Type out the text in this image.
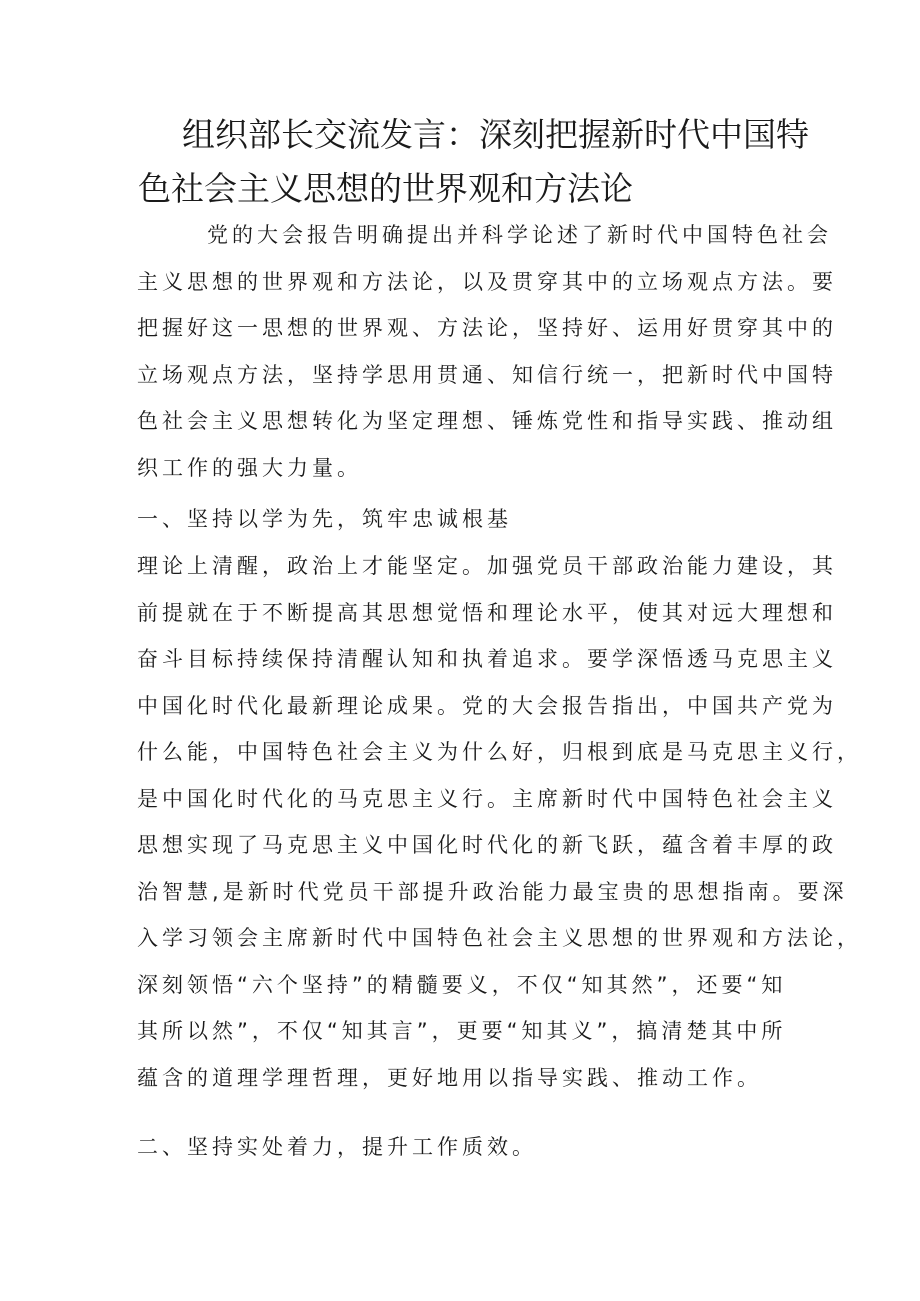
组织部长交流发言：深刻把握新时代中国特
色社会主义思想的世界观和方法论
党的大会报告明确提出并科学论述了新时代中国特色社会
主义思想的世界观和方法论，以及贯穿其中的立场观点方法。要
把握好这一思想的世界观、方法论，坚持好、运用好贯穿其中的
立场观点方法，坚持学思用贯通、知信行统一，把新时代中国特
色社会主义思想转化为坚定理想、锤炼党性和指导实践、推动组
织工作的强大力量。
一、坚持以学为先，筑牢忠诚根基
理论上清醒，政治上才能坚定。加强党员干部政治能力建设，其
前提就在于不断提高其思想觉悟和理论水平，使其对远大理想和
奋斗目标持续保持清醒认知和执着追求。要学深悟透马克思主义
中国化时代化最新理论成果。党的大会报告指出，中国共产党为
什么能，中国特色社会主义为什么好，归根到底是马克思主义行，
是中国化时代化的马克思主义行。主席新时代中国特色社会主义
思想实现了马克思主义中国化时代化的新飞跃，蕴含着丰厚的政
治智慧,是新时代党员干部提升政治能力最宝贵的思想指南。要深
入学习领会主席新时代中国特色社会主义思想的世界观和方法论，
深刻领悟“六个坚持”的精髓要义，不仅“知其然”，还要“知
其所以然”，不仅“知其言”，更要“知其义”，搞清楚其中所
蕴含的道理学理哲理，更好地用以指导实践、推动工作。
二、坚持实处着力，提升工作质效。
